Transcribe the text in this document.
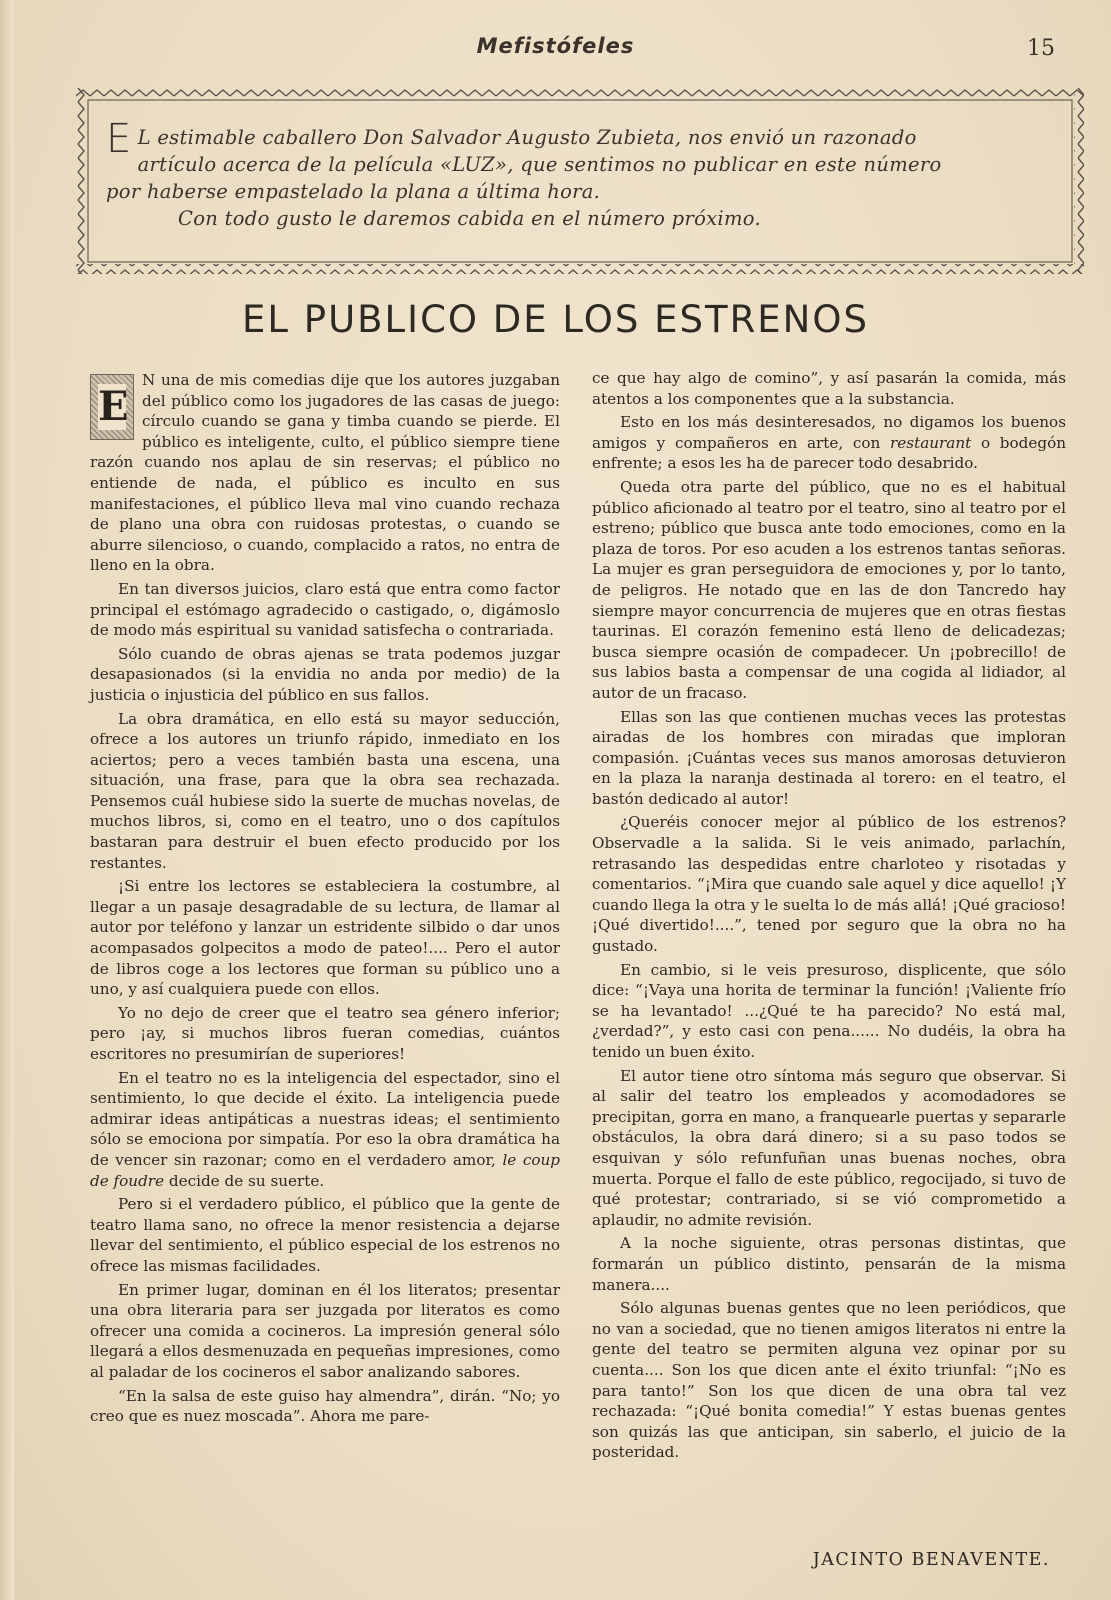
Mefistófeles	15

E L estimable caballero Don Salvador Augusto Zubieta, nos envió un razonado

artículo acerca de la película «LUZ», que sentimos no publicar en este número

por haberse empastelado la plana a última hora.

Con todo gusto le daremos cabida en el número próximo.

EL PUBLICO DE LOS ESTRENOS

E
N una de mis comedias dije que los autores juzgaban del público como los jugadores de las casas de juego: círculo cuando se gana y timba cuando se pierde. El público es inteligente, culto, el público siempre tiene razón cuando nos aplau de sin reservas; el público no entiende de nada, el público es inculto en sus manifestaciones, el público lleva mal vino cuando rechaza de plano una obra con ruidosas protestas, o cuando se aburre silencioso, o cuando, complacido a ratos, no entra de lleno en la obra.

En tan diversos juicios, claro está que entra como factor principal el estómago agradecido o castigado, o, digámoslo de modo más espiritual su vanidad satisfecha o contrariada.

Sólo cuando de obras ajenas se trata podemos juzgar desapasionados (si la envidia no anda por medio) de la justicia o injusticia del público en sus fallos.

La obra dramática, en ello está su mayor seducción, ofrece a los autores un triunfo rápido, inmediato en los aciertos; pero a veces también basta una escena, una situación, una frase, para que la obra sea rechazada. Pensemos cuál hubiese sido la suerte de muchas novelas, de muchos libros, si, como en el teatro, uno o dos capítulos bastaran para destruir el buen efecto producido por los restantes.

¡Si entre los lectores se estableciera la costumbre, al llegar a un pasaje desagradable de su lectura, de llamar al autor por teléfono y lanzar un estridente silbido o dar unos acompasados golpecitos a modo de pateo!.... Pero el autor de libros coge a los lectores que forman su público uno a uno, y así cualquiera puede con ellos.

Yo no dejo de creer que el teatro sea género inferior; pero ¡ay, si muchos libros fueran comedias, cuántos escritores no presumirían de superiores!

En el teatro no es la inteligencia del espectador, sino el sentimiento, lo que decide el éxito. La inteligencia puede admirar ideas antipáticas a nuestras ideas; el sentimiento sólo se emociona por simpatía. Por eso la obra dramática ha de vencer sin razonar; como en el verdadero amor, le coup de foudre decide de su suerte.

Pero si el verdadero público, el público que la gente de teatro llama sano, no ofrece la menor resistencia a dejarse llevar del sentimiento, el público especial de los estrenos no ofrece las mismas facilidades.

En primer lugar, dominan en él los literatos; presentar una obra literaria para ser juzgada por literatos es como ofrecer una comida a cocineros. La impresión general sólo llegará a ellos desmenuzada en pequeñas impresiones, como al paladar de los cocineros el sabor analizando sabores.

“En la salsa de este guiso hay almendra”, dirán. “No; yo creo que es nuez moscada”. Ahora me pare-

ce que hay algo de comino”, y así pasarán la comida, más atentos a los componentes que a la substancia.

Esto en los más desinteresados, no digamos los buenos amigos y compañeros en arte, con restaurant o bodegón enfrente; a esos les ha de parecer todo desabrido.

Queda otra parte del público, que no es el habitual público aficionado al teatro por el teatro, sino al teatro por el estreno; público que busca ante todo emociones, como en la plaza de toros. Por eso acuden a los estrenos tantas señoras. La mujer es gran perseguidora de emociones y, por lo tanto, de peligros. He notado que en las de don Tancredo hay siempre mayor concurrencia de mujeres que en otras fiestas taurinas. El corazón femenino está lleno de delicadezas; busca siempre ocasión de compadecer. Un ¡pobrecillo! de sus labios basta a compensar de una cogida al lidiador, al autor de un fracaso.

Ellas son las que contienen muchas veces las protestas airadas de los hombres con miradas que imploran compasión. ¡Cuántas veces sus manos amorosas detuvieron en la plaza la naranja destinada al torero: en el teatro, el bastón dedicado al autor!

¿Queréis conocer mejor al público de los estrenos? Observadle a la salida. Si le veis animado, parlachín, retrasando las despedidas entre charloteo y risotadas y comentarios. “¡Mira que cuando sale aquel y dice aquello! ¡Y cuando llega la otra y le suelta lo de más allá! ¡Qué gracioso! ¡Qué divertido!....”, tened por seguro que la obra no ha gustado.

En cambio, si le veis presuroso, displicente, que sólo dice: “¡Vaya una horita de terminar la función! ¡Valiente frío se ha levantado! ...¿Qué te ha parecido? No está mal, ¿verdad?”, y esto casi con pena...... No dudéis, la obra ha tenido un buen éxito.

El autor tiene otro síntoma más seguro que observar. Si al salir del teatro los empleados y acomodadores se precipitan, gorra en mano, a franquearle puertas y separarle obstáculos, la obra dará dinero; si a su paso todos se esquivan y sólo refunfuñan unas buenas noches, obra muerta. Porque el fallo de este público, regocijado, si tuvo de qué protestar; contrariado, si se vió comprometido a aplaudir, no admite revisión.

A la noche siguiente, otras personas distintas, que formarán un público distinto, pensarán de la misma manera....

Sólo algunas buenas gentes que no leen periódicos, que no van a sociedad, que no tienen amigos literatos ni entre la gente del teatro se permiten alguna vez opinar por su cuenta.... Son los que dicen ante el éxito triunfal: “¡No es para tanto!” Son los que dicen de una obra tal vez rechazada: “¡Qué bonita comedia!” Y estas buenas gentes son quizás las que anticipan, sin saberlo, el juicio de la posteridad.

JACINTO BENAVENTE.
